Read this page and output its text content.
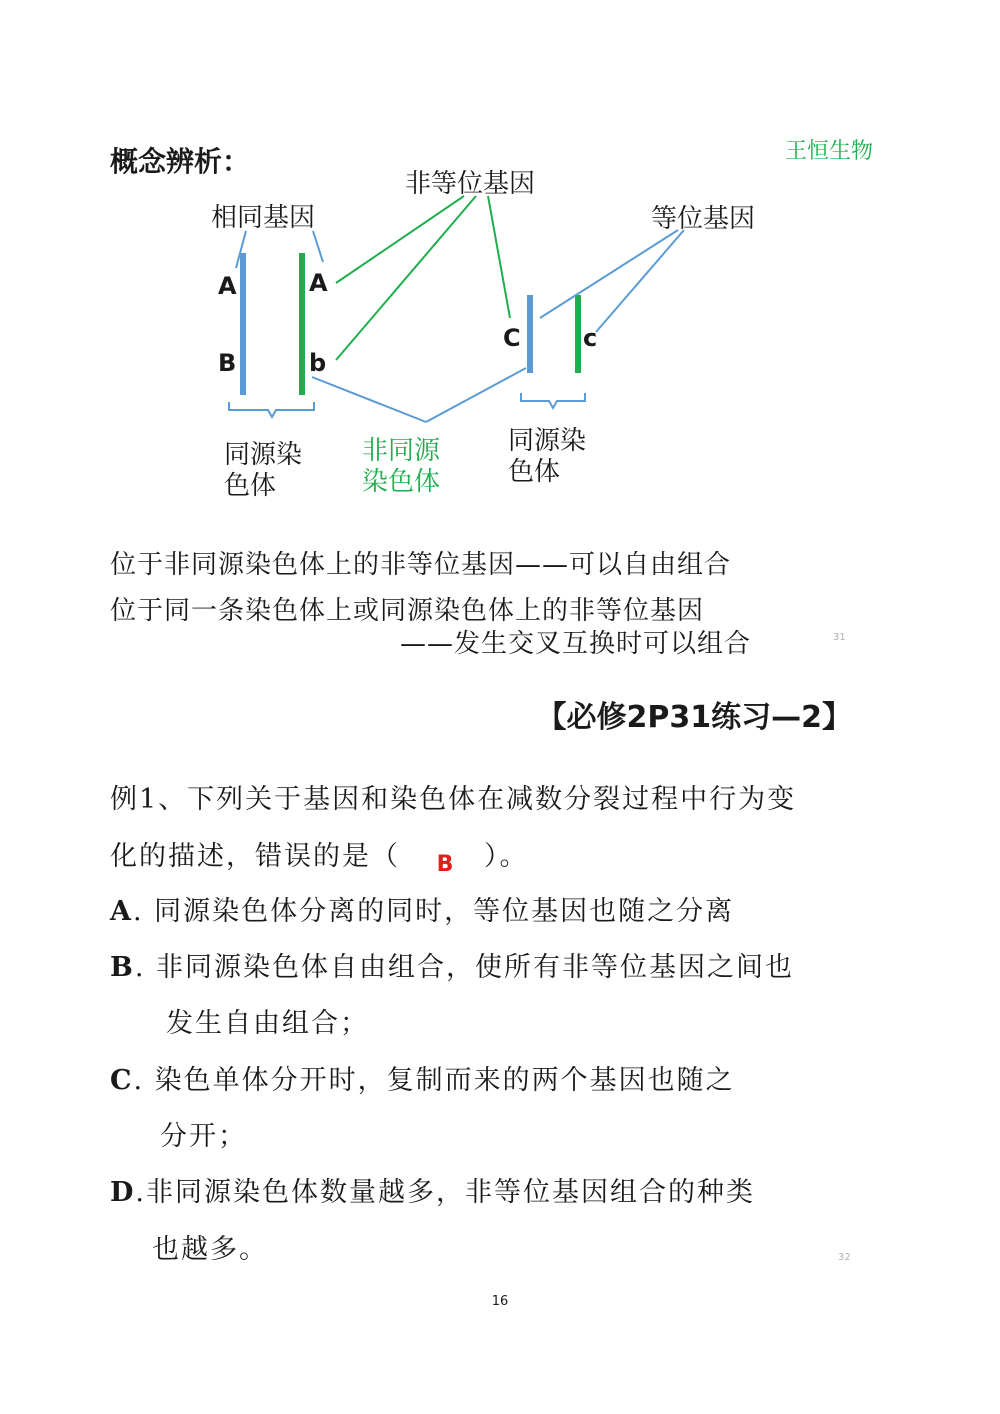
概念辨析：	王恒生物
相同基因
非等位基因
等位基因
A
B
A
b
C	c
同源染
色体
非同源
染色体
同源染
色体
位于非同源染色体上的非等位基因——可以自由组合
位于同一条染色体上或同源染色体上的非等位基因
——发生交叉互换时可以组合	31
【必修2P31练习—2】
例1、下列关于基因和染色体在减数分裂过程中行为变
化的描述，错误的是（ B ）。
A. 同源染色体分离的同时，等位基因也随之分离
B. 非同源染色体自由组合，使所有非等位基因之间也
发生自由组合；
C. 染色单体分开时，复制而来的两个基因也随之
分开；
D.非同源染色体数量越多，非等位基因组合的种类
也越多。	32
16
